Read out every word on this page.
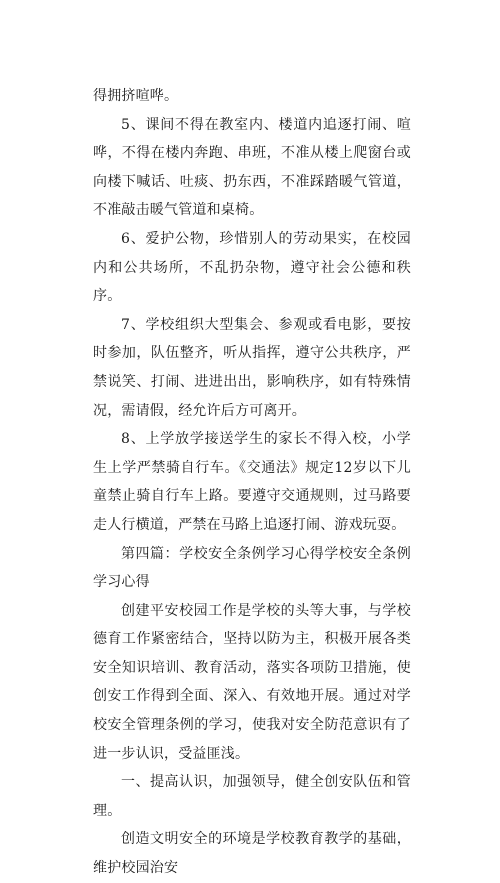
得拥挤喧哗。

5、课间不得在教室内、楼道内追逐打闹、喧哗，不得在楼内奔跑、串班，不准从楼上爬窗台或向楼下喊话、吐痰、扔东西，不准踩踏暖气管道，不准敲击暖气管道和桌椅。

6、爱护公物，珍惜别人的劳动果实，在校园内和公共场所，不乱扔杂物，遵守社会公德和秩序。

7、学校组织大型集会、参观或看电影，要按时参加，队伍整齐，听从指挥，遵守公共秩序，严禁说笑、打闹、进进出出，影响秩序，如有特殊情况，需请假，经允许后方可离开。

8、上学放学接送学生的家长不得入校，小学生上学严禁骑自行车。《交通法》规定12岁以下儿童禁止骑自行车上路。要遵守交通规则，过马路要走人行横道，严禁在马路上追逐打闹、游戏玩耍。

第四篇：学校安全条例学习心得学校安全条例学习心得

创建平安校园工作是学校的头等大事，与学校德育工作紧密结合，坚持以防为主，积极开展各类安全知识培训、教育活动，落实各项防卫措施，使创安工作得到全面、深入、有效地开展。通过对学校安全管理条例的学习，使我对安全防范意识有了进一步认识，受益匪浅。

一、提高认识，加强领导，健全创安队伍和管理。

创造文明安全的环境是学校教育教学的基础，维护校园治安
